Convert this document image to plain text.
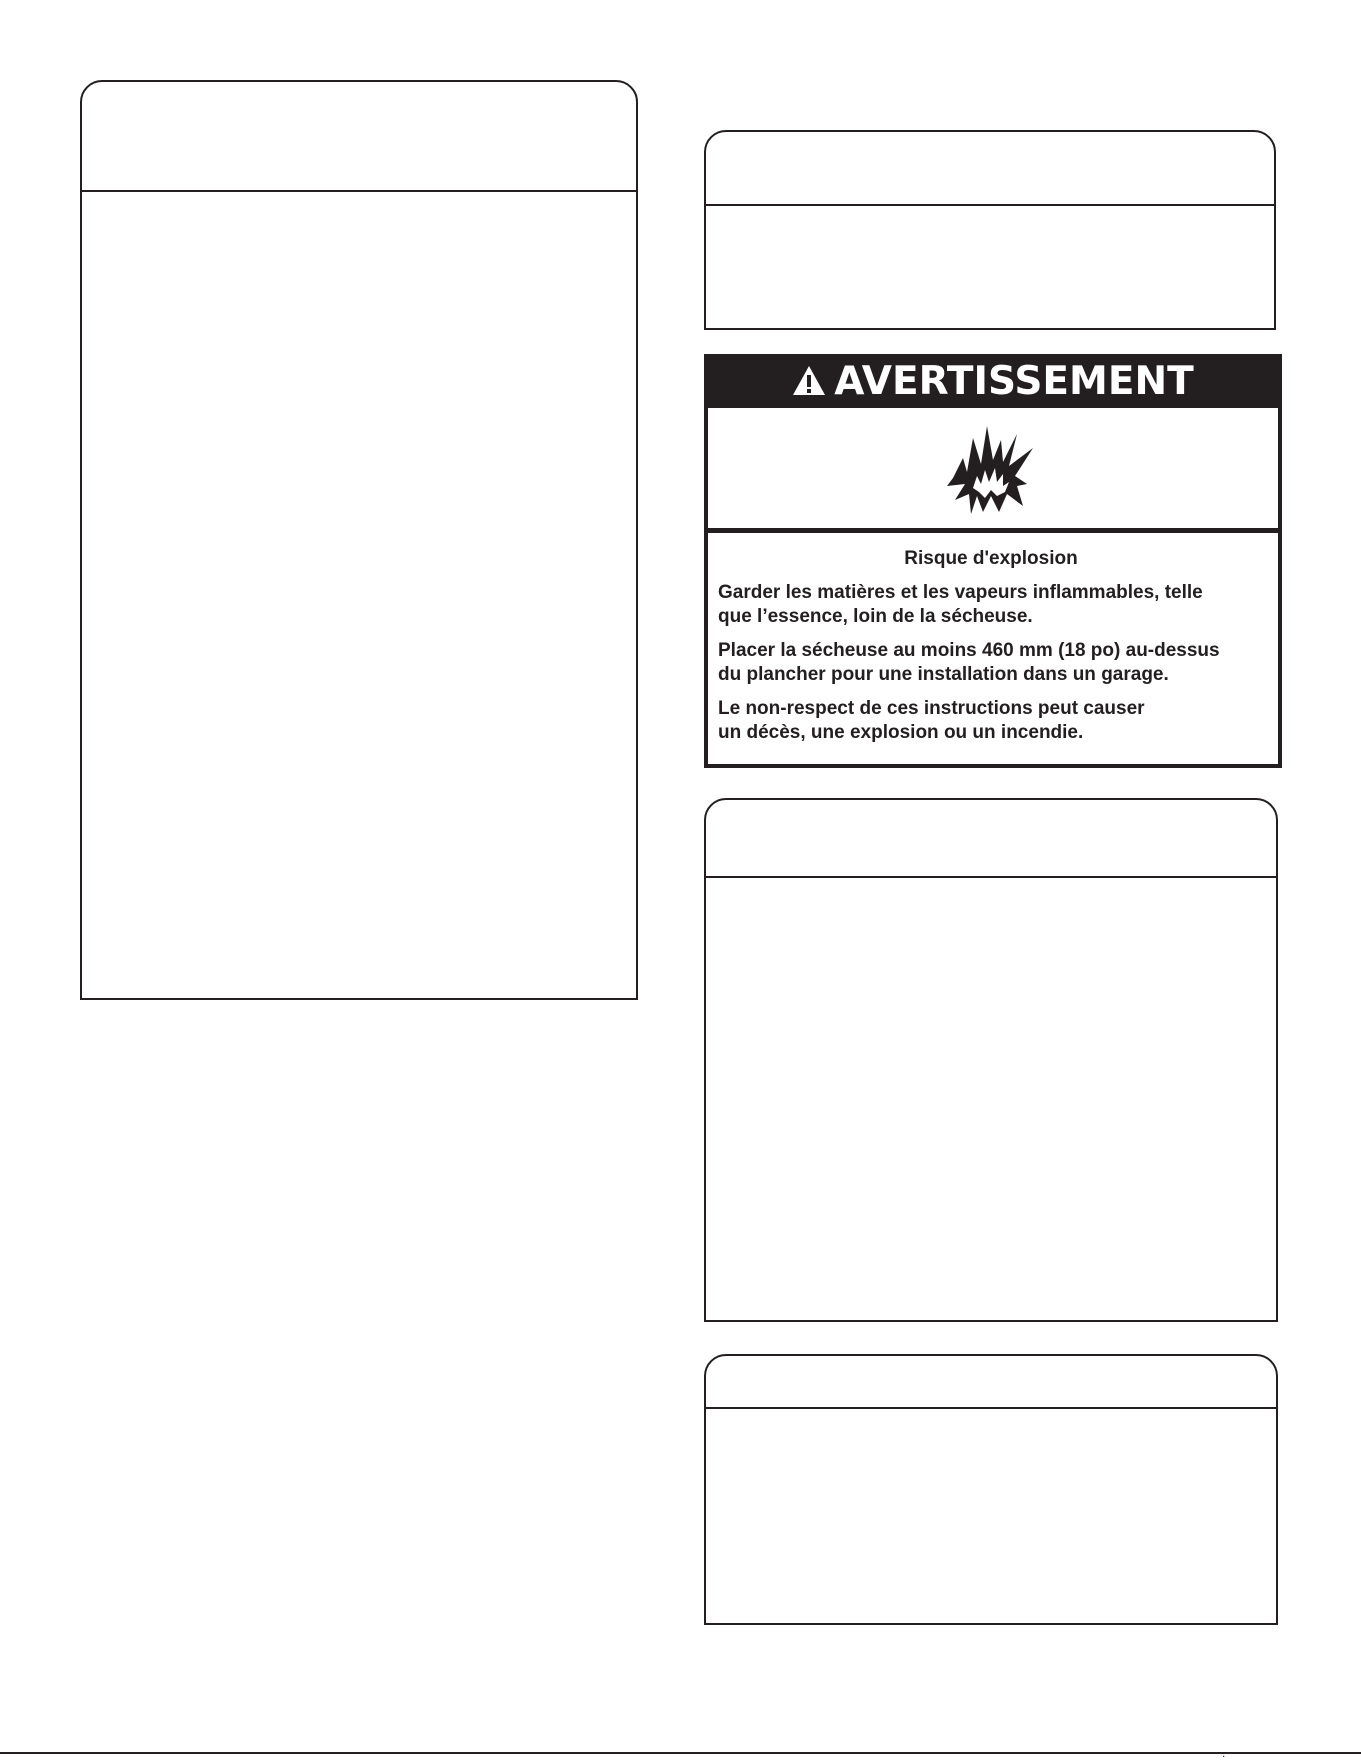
AVERTISSEMENT
Risque d'explosion
Garder les matières et les vapeurs inflammables, telle
que l’essence, loin de la sécheuse.
Placer la sécheuse au moins 460 mm (18 po) au-dessus
du plancher pour une installation dans un garage.
Le non-respect de ces instructions peut causer
un décès, une explosion ou un incendie.
.
